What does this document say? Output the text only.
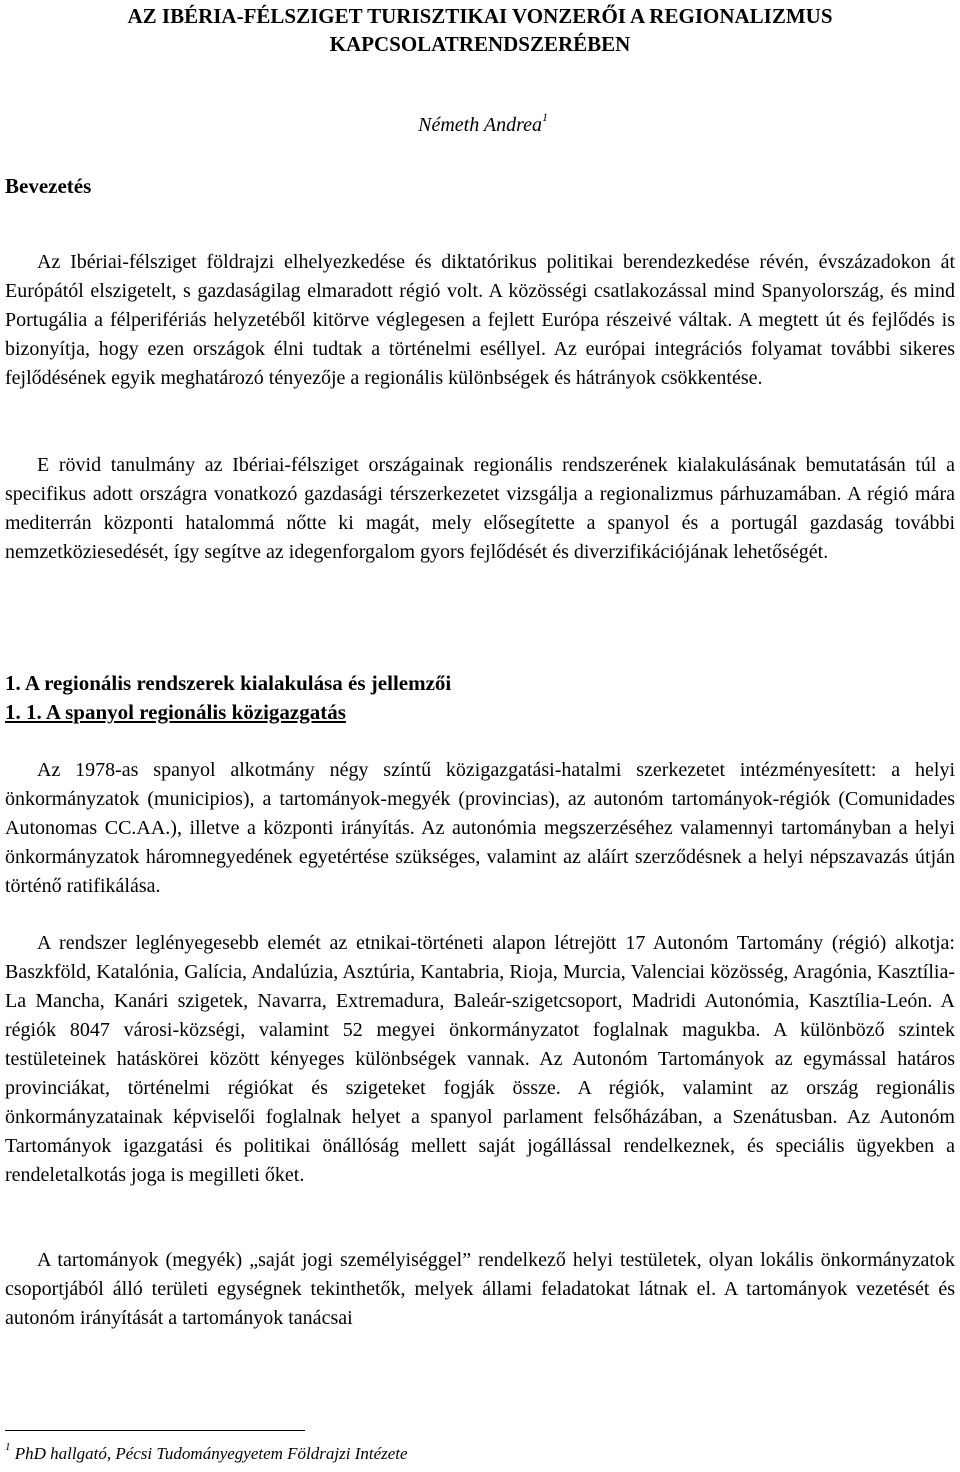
AZ IBÉRIA-FÉLSZIGET TURISZTIKAI VONZERŐI A REGIONALIZMUS
KAPCSOLATRENDSZERÉBEN
Németh Andrea$^1$
Bevezetés
Az Ibériai-félsziget földrajzi elhelyezkedése és diktatórikus politikai berendezkedése révén, évszázadokon át Európától elszigetelt, s gazdaságilag elmaradott régió volt. A közösségi csatlakozással mind Spanyolország, és mind Portugália a félperifériás helyzetéből kitörve véglegesen a fejlett Európa részeivé váltak. A megtett út és fejlődés is bizonyítja, hogy ezen országok élni tudtak a történelmi eséllyel. Az európai integrációs folyamat további sikeres fejlődésének egyik meghatározó tényezője a regionális különbségek és hátrányok csökkentése.
E rövid tanulmány az Ibériai-félsziget országainak regionális rendszerének kialakulásának bemutatásán túl a specifikus adott országra vonatkozó gazdasági térszerkezetet vizsgálja a regionalizmus párhuzamában. A régió mára mediterrán központi hatalommá nőtte ki magát, mely elősegítette a spanyol és a portugál gazdaság további nemzetköziesedését, így segítve az idegenforgalom gyors fejlődését és diverzifikációjának lehetőségét.
1. A regionális rendszerek kialakulása és jellemzői
1. 1. A spanyol regionális közigazgatás
Az 1978-as spanyol alkotmány négy színtű közigazgatási-hatalmi szerkezetet intézményesített: a helyi önkormányzatok (municipios), a tartományok-megyék (provincias), az autonóm tartományok-régiók (Comunidades Autonomas CC.AA.), illetve a központi irányítás. Az autonómia megszerzéséhez valamennyi tartományban a helyi önkormányzatok háromnegyedének egyetértése szükséges, valamint az aláírt szerződésnek a helyi népszavazás útján történő ratifikálása.
A rendszer leglényegesebb elemét az etnikai-történeti alapon létrejött 17 Autonóm Tartomány (régió) alkotja: Baszkföld, Katalónia, Galícia, Andalúzia, Asztúria, Kantabria, Rioja, Murcia, Valenciai közösség, Aragónia, Kasztília-La Mancha, Kanári szigetek, Navarra, Extremadura, Baleár-szigetcsoport, Madridi Autonómia, Kasztília-León. A régiók 8047 városi-községi, valamint 52 megyei önkormányzatot foglalnak magukba. A különböző szintek testületeinek hatáskörei között kényeges különbségek vannak. Az Autonóm Tartományok az egymással határos provinciákat, történelmi régiókat és szigeteket fogják össze. A régiók, valamint az ország regionális önkormányzatainak képviselői foglalnak helyet a spanyol parlament felsőházában, a Szenátusban. Az Autonóm Tartományok igazgatási és politikai önállóság mellett saját jogállással rendelkeznek, és speciális ügyekben a rendeletalkotás joga is megilleti őket.
A tartományok (megyék) „saját jogi személyiséggel” rendelkező helyi testületek, olyan lokális önkormányzatok csoportjából álló területi egységnek tekinthetők, melyek állami feladatokat látnak el. A tartományok vezetését és autonóm irányítását a tartományok tanácsai
$^1$ PhD hallgató, Pécsi Tudományegyetem Földrajzi Intézete
